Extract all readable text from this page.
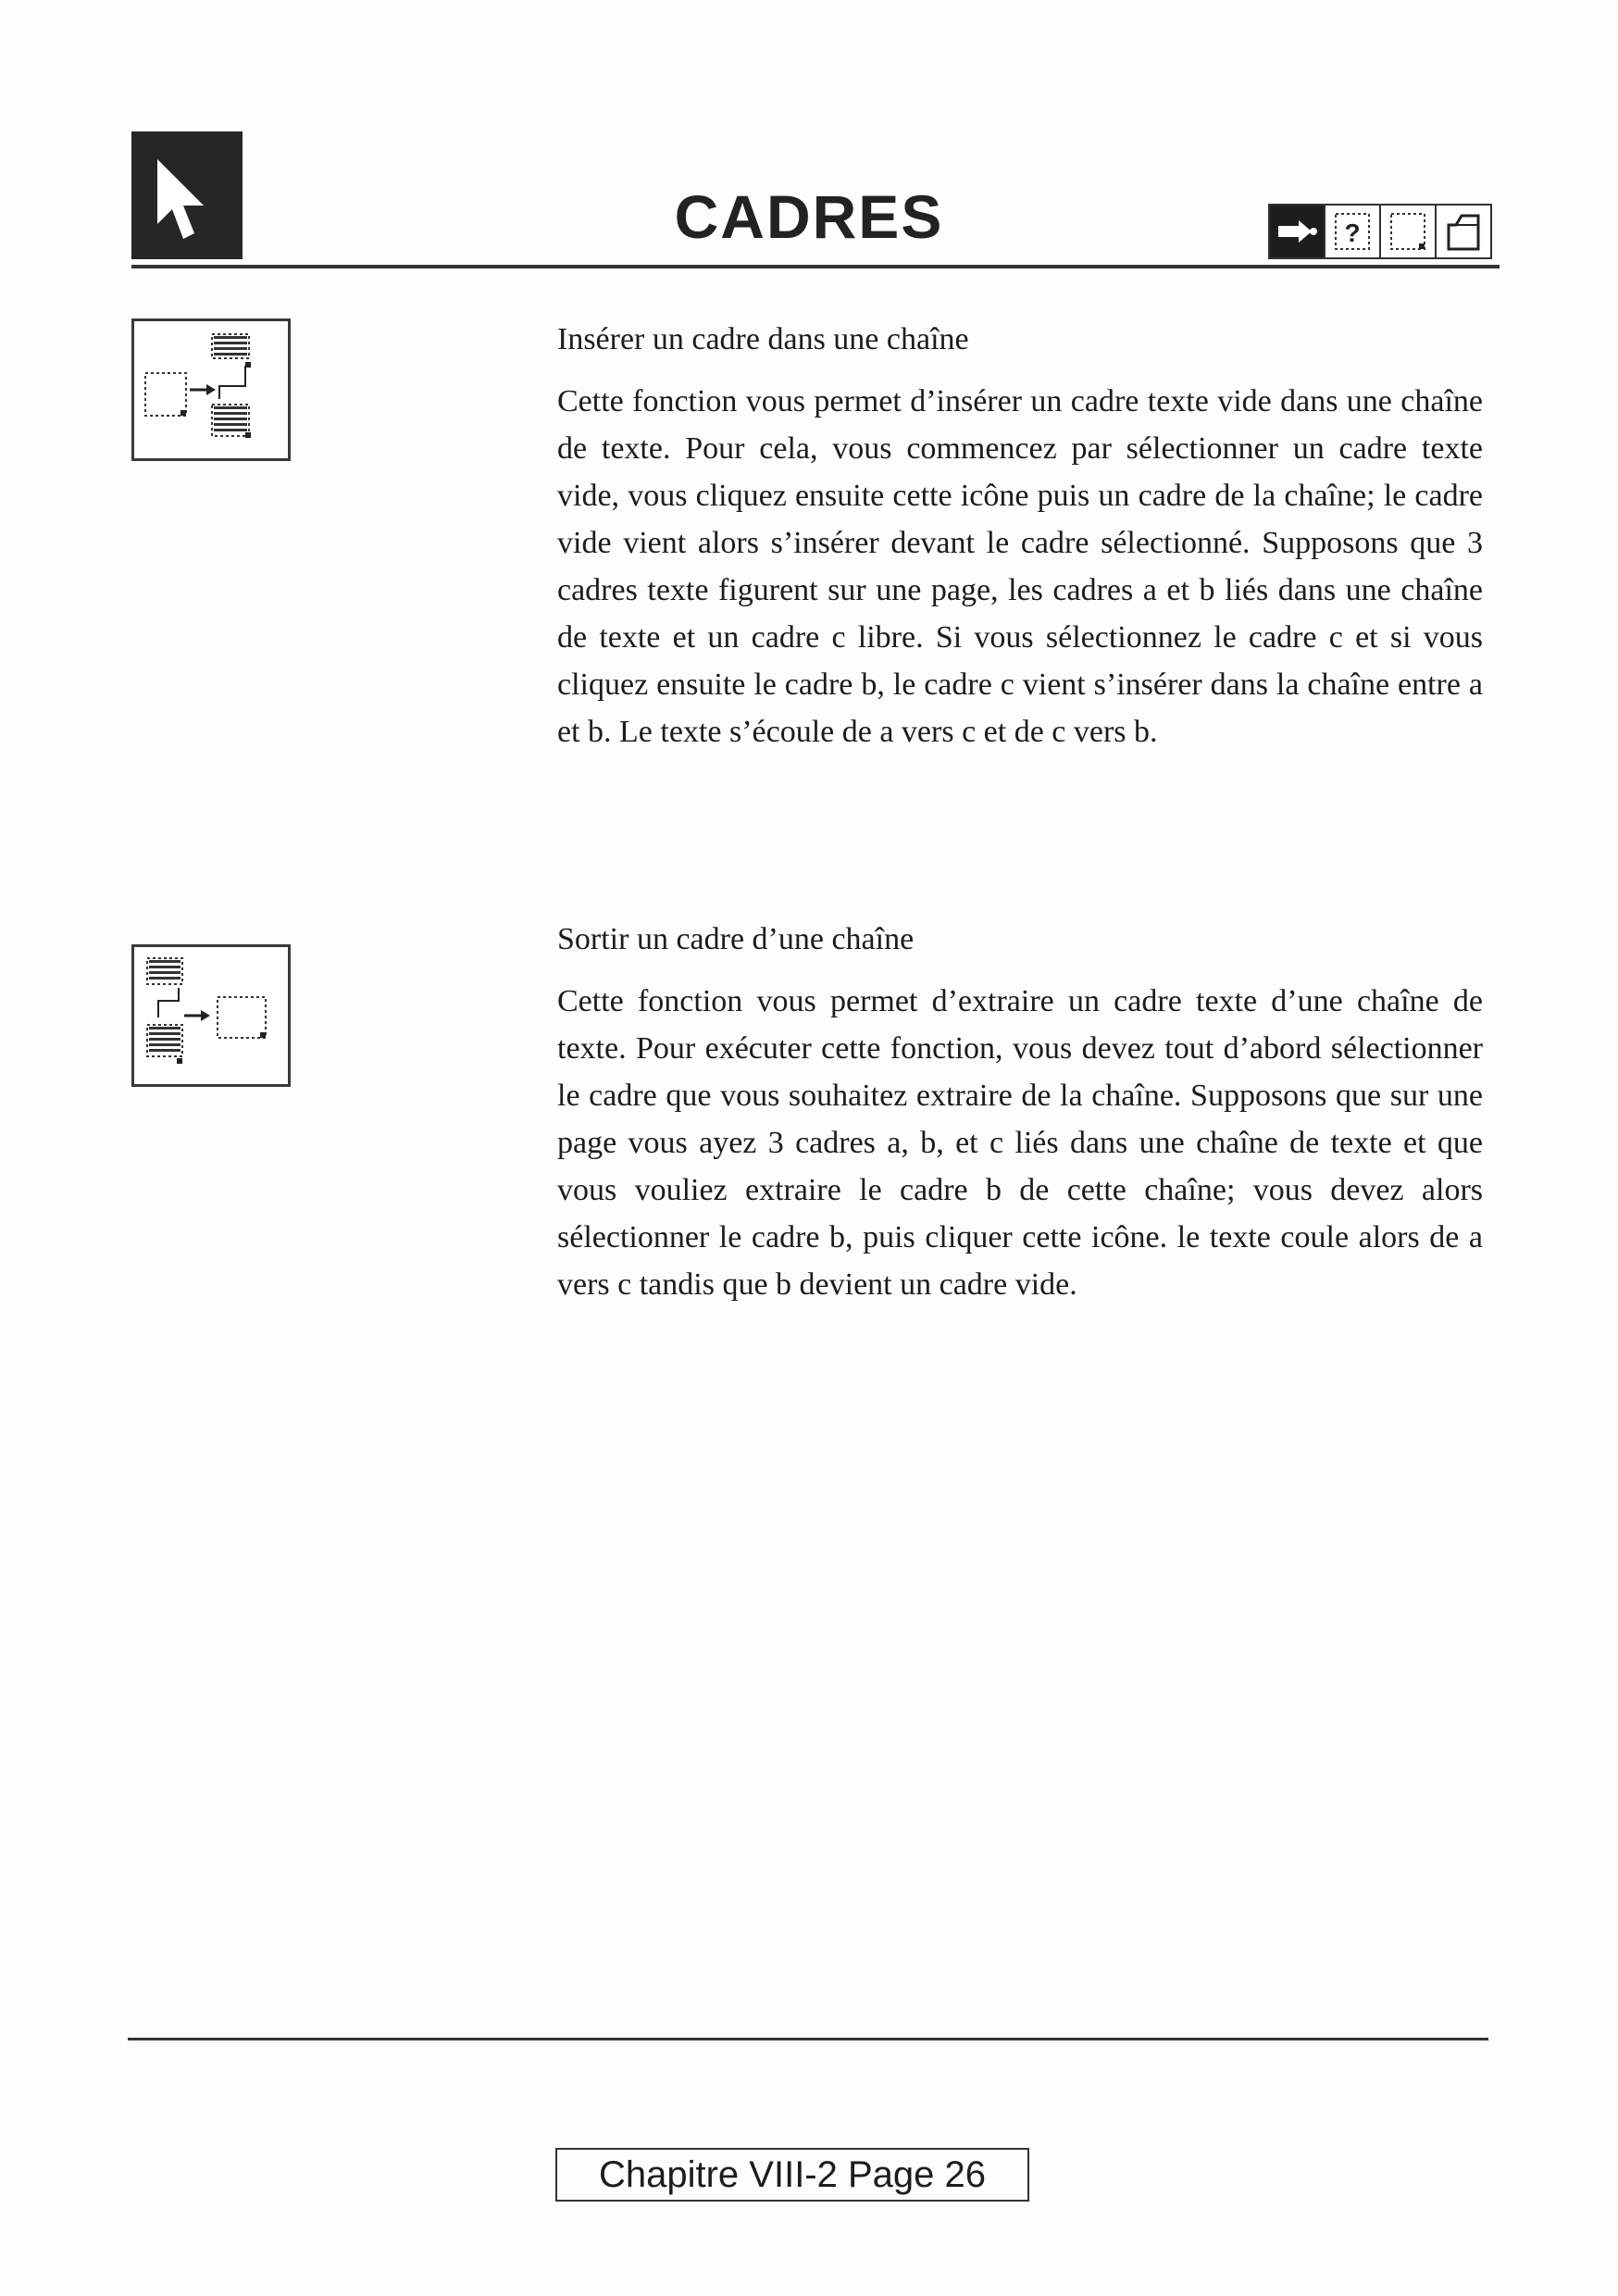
CADRES	?

Insérer un cadre dans une chaîne

Cette fonction vous permet d’insérer un cadre texte vide dans une chaîne de texte. Pour cela, vous commencez par sélectionner un cadre texte vide, vous cliquez ensuite cette icône puis un cadre de la chaîne; le cadre vide vient alors s’insérer devant le cadre sélectionné. Supposons que 3 cadres texte figurent sur une page, les cadres a et b liés dans une chaîne de texte et un cadre c libre. Si vous sélectionnez le cadre c et si vous cliquez ensuite le cadre b, le cadre c vient s’insérer dans la chaîne entre a et b. Le texte s’écoule de a vers c et de c vers b.

Sortir un cadre d’une chaîne

Cette fonction vous permet d’extraire un cadre texte d’une chaîne de texte. Pour exécuter cette fonction, vous devez tout d’abord sélectionner le cadre que vous souhaitez extraire de la chaîne. Supposons que sur une page vous ayez 3 cadres a, b, et c liés dans une chaîne de texte et que vous vouliez extraire le cadre b de cette chaîne; vous devez alors sélectionner le cadre b, puis cliquer cette icône. le texte coule alors de a vers c tandis que b devient un cadre vide.

Chapitre VIII-2 Page 26
